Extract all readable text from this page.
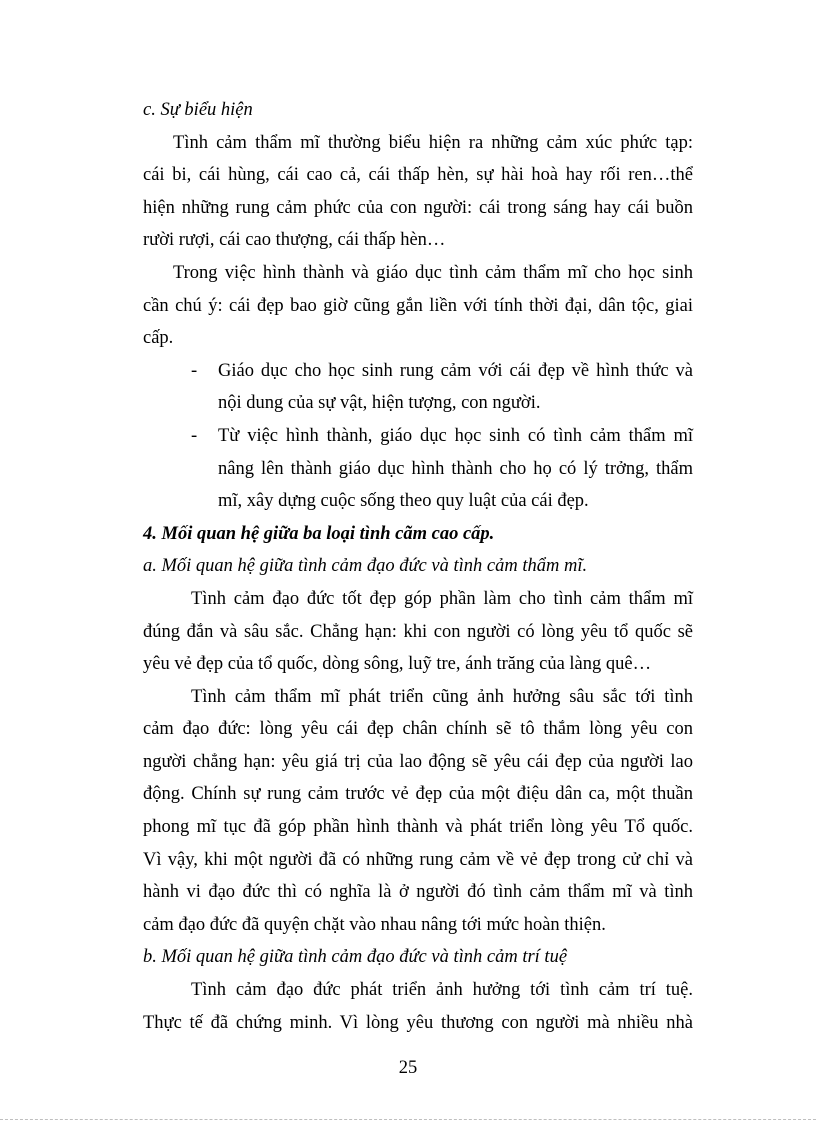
c. Sự biểu hiện
Tình cảm thẩm mĩ thường biểu hiện ra những cảm xúc phức tạp:
cái bi, cái hùng, cái cao cả, cái thấp hèn, sự hài hoà hay rối ren…thể
hiện những rung cảm phức của con người: cái trong sáng hay cái buồn
rười rượi, cái cao thượng, cái thấp hèn…
Trong việc hình thành và giáo dục tình cảm thẩm mĩ cho học sinh
cần chú ý: cái đẹp bao giờ cũng gắn liền với tính thời đại, dân tộc, giai
cấp.
-	Giáo dục cho học sinh rung cảm với cái đẹp về hình thức và
nội dung của sự vật, hiện tượng, con người.
-	Từ việc hình thành, giáo dục học sinh có tình cảm thẩm mĩ
nâng lên thành giáo dục hình thành cho họ có lý trởng, thẩm
mĩ, xây dựng cuộc sống theo quy luật của cái đẹp.
4. Mối quan hệ giữa ba loại tình cãm cao cấp.
a. Mối quan hệ giữa tình cảm đạo đức và tình cảm thẩm mĩ.
Tình cảm đạo đức tốt đẹp góp phần làm cho tình cảm thẩm mĩ
đúng đắn và sâu sắc. Chẳng hạn: khi con người có lòng yêu tổ quốc sẽ
yêu vẻ đẹp của tổ quốc, dòng sông, luỹ tre, ánh trăng của làng quê…
Tình cảm thẩm mĩ phát triển cũng ảnh hưởng sâu sắc tới tình
cảm đạo đức: lòng yêu cái đẹp chân chính sẽ tô thắm lòng yêu con
người chẳng hạn: yêu giá trị của lao động sẽ yêu cái đẹp của người lao
động. Chính sự rung cảm trước vẻ đẹp của một điệu dân ca, một thuần
phong mĩ tục đã góp phần hình thành và phát triển lòng yêu Tổ quốc.
Vì vậy, khi một người đã có những rung cảm về vẻ đẹp trong cử chỉ và
hành vi đạo đức thì có nghĩa là ở người đó tình cảm thẩm mĩ và tình
cảm đạo đức đã quyện chặt vào nhau nâng tới mức hoàn thiện.
b. Mối quan hệ giữa tình cảm đạo đức và tình cảm trí tuệ
Tình cảm đạo đức phát triển ảnh hưởng tới tình cảm trí tuệ.
Thực tế đã chứng minh. Vì lòng yêu thương con người mà nhiều nhà
25
